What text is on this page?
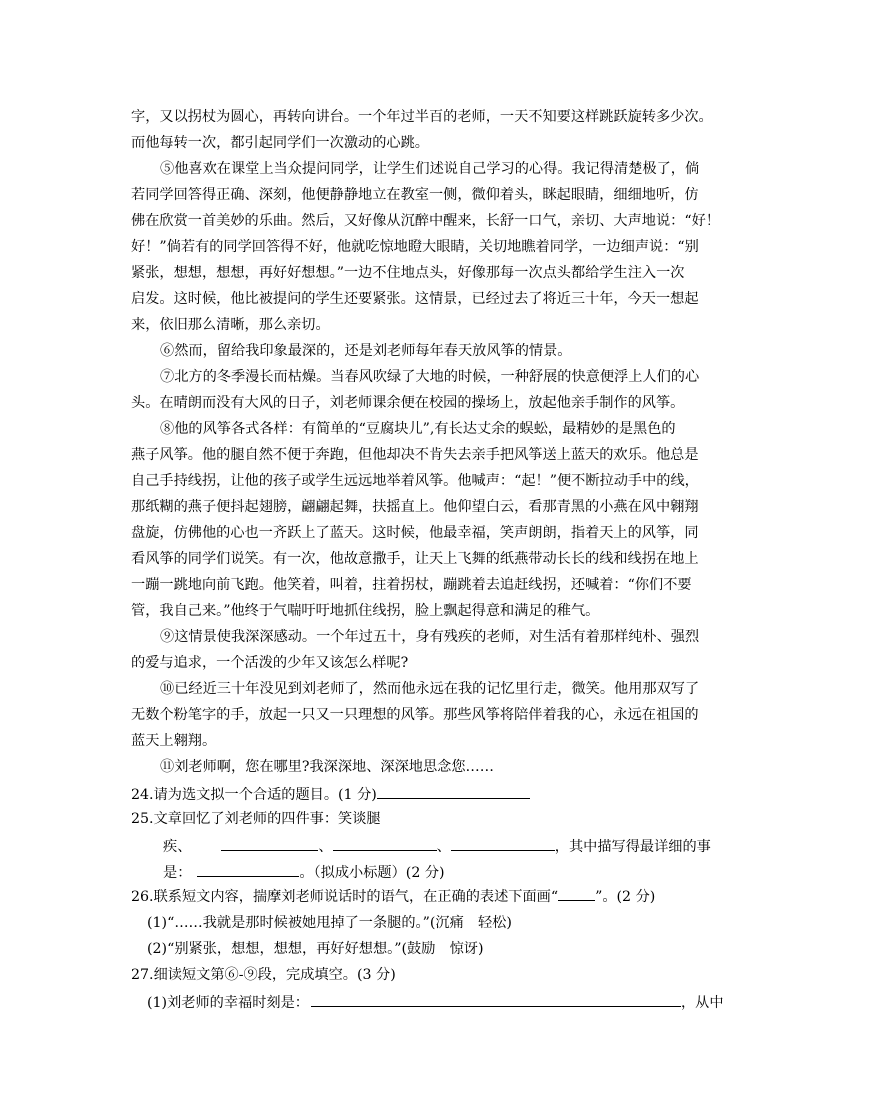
字，又以拐杖为圆心，再转向讲台。一个年过半百的老师，一天不知要这样跳跃旋转多少次。
而他每转一次，都引起同学们一次激动的心跳。
⑤他喜欢在课堂上当众提问同学，让学生们述说自己学习的心得。我记得清楚极了，倘
若同学回答得正确、深刻，他便静静地立在教室一侧，微仰着头，眯起眼睛，细细地听，仿
佛在欣赏一首美妙的乐曲。然后，又好像从沉醉中醒来，长舒一口气，亲切、大声地说：“好！
好！”倘若有的同学回答得不好，他就吃惊地瞪大眼睛，关切地瞧着同学，一边细声说：“别
紧张，想想，想想，再好好想想。”一边不住地点头，好像那每一次点头都给学生注入一次
启发。这时候，他比被提问的学生还要紧张。这情景，已经过去了将近三十年，今天一想起
来，依旧那么清晰，那么亲切。
⑥然而，留给我印象最深的，还是刘老师每年春天放风筝的情景。
⑦北方的冬季漫长而枯燥。当春风吹绿了大地的时候，一种舒展的快意便浮上人们的心
头。在晴朗而没有大风的日子，刘老师课余便在校园的操场上，放起他亲手制作的风筝。
⑧他的风筝各式各样：有简单的“豆腐块儿”,有长达丈余的蜈蚣，最精妙的是黑色的
燕子风筝。他的腿自然不便于奔跑，但他却决不肯失去亲手把风筝送上蓝天的欢乐。他总是
自己手持线拐，让他的孩子或学生远远地举着风筝。他喊声：“起！”便不断拉动手中的线，
那纸糊的燕子便抖起翅膀，翩翩起舞，扶摇直上。他仰望白云，看那青黑的小燕在风中翱翔
盘旋，仿佛他的心也一齐跃上了蓝天。这时候，他最幸福，笑声朗朗，指着天上的风筝，同
看风筝的同学们说笑。有一次，他故意撒手，让天上飞舞的纸燕带动长长的线和线拐在地上
一蹦一跳地向前飞跑。他笑着，叫着，拄着拐杖，蹦跳着去追赶线拐，还喊着：“你们不要
管，我自己来。”他终于气喘吁吁地抓住线拐，脸上飘起得意和满足的稚气。
⑨这情景使我深深感动。一个年过五十，身有残疾的老师，对生活有着那样纯朴、强烈
的爱与追求，一个活泼的少年又该怎么样呢?
⑩已经近三十年没见到刘老师了，然而他永远在我的记忆里行走，微笑。他用那双写了
无数个粉笔字的手，放起一只又一只理想的风筝。那些风筝将陪伴着我的心，永远在祖国的
蓝天上翱翔。
⑪刘老师啊，您在哪里?我深深地、深深地思念您……
24.请为选文拟一个合适的题目。(1 分)
25.文章回忆了刘老师的四件事：笑谈腿
疾、	、	、	，其中描写得最详细的事
是：	。（拟成小标题）(2 分)
26.联系短文内容，揣摩刘老师说话时的语气，在正确的表述下面画“	”。(2 分)
(1)“……我就是那时候被她甩掉了一条腿的。”(沉痛　轻松)
(2)“别紧张，想想，想想，再好好想想。”(鼓励　惊讶)
27.细读短文第⑥-⑨段，完成填空。(3 分)
(1)刘老师的幸福时刻是：	，从中
